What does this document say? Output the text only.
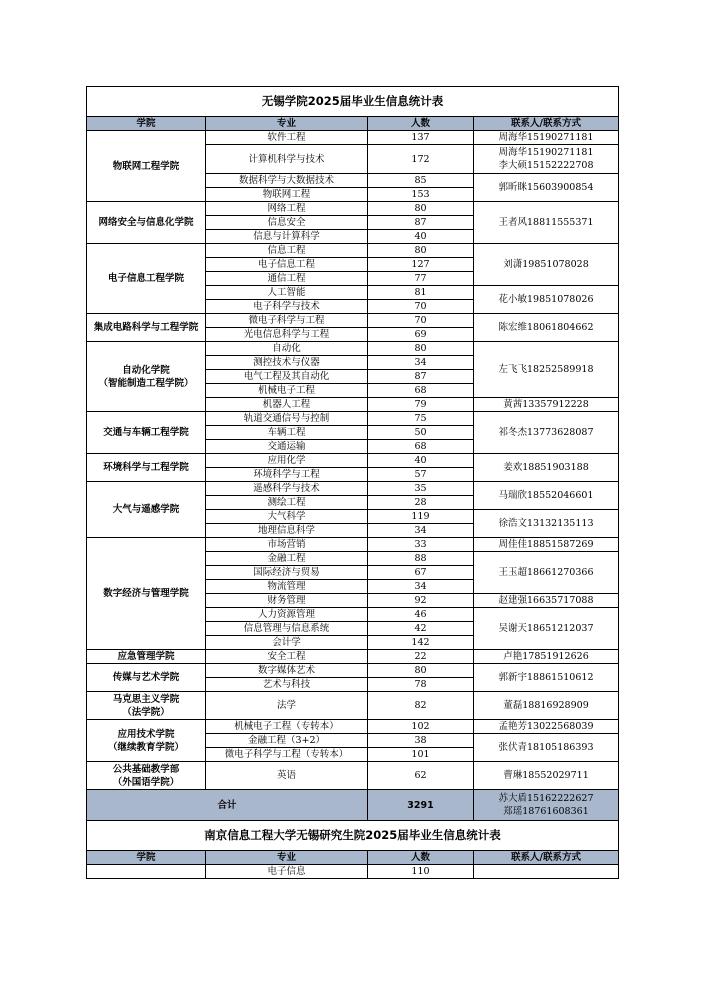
无锡学院2025届毕业生信息统计表			
学院	专业	人数	联系人/联系方式
物联网工程学院	软件工程	137	周海华15190271181
	计算机科学与技术	172	周海华15190271181
李大硕15152222708
	数据科学与大数据技术	85	郭昕眯15603900854
	物联网工程	153	
网络安全与信息化学院	网络工程	80	王者风18811555371
	信息安全	87	
	信息与计算科学	40	
电子信息工程学院	信息工程	80	刘潇19851078028
	电子信息工程	127	
	通信工程	77	
	人工智能	81	花小敏19851078026
	电子科学与技术	70	
集成电路科学与工程学院	微电子科学与工程	70	陈宏维18061804662
	光电信息科学与工程	69	
自动化学院
（智能制造工程学院）	自动化	80	左飞飞18252589918
	测控技术与仪器	34	
	电气工程及其自动化	87	
	机械电子工程	68	
	机器人工程	79	黄茜13357912228
交通与车辆工程学院	轨道交通信号与控制	75	祁冬杰13773628087
	车辆工程	50	
	交通运输	68	
环境科学与工程学院	应用化学	40	姜欢18851903188
	环境科学与工程	57	
大气与遥感学院	遥感科学与技术	35	马瑞欣18552046601
	测绘工程	28	
	大气科学	119	徐浩文13132135113
	地理信息科学	34	
数字经济与管理学院	市场营销	33	周佳佳18851587269
	金融工程	88	王玉超18661270366
	国际经济与贸易	67	
	物流管理	34	
	财务管理	92	赵建强16635717088
	人力资源管理	46	吴谢天18651212037
	信息管理与信息系统	42	
	会计学	142	
应急管理学院	安全工程	22	卢艳17851912626
传媒与艺术学院	数字媒体艺术	80	郭新宇18861510612
	艺术与科技	78	
马克思主义学院
（法学院）	法学	82	董磊18816928909
应用技术学院
（继续教育学院）	机械电子工程（专转本）	102	孟艳芳13022568039
	金融工程（3+2）	38	张伏青18105186393
	微电子科学与工程（专转本）	101	
公共基础教学部
（外国语学院）	英语	62	曹琳18552029711
合计		3291	苏大盾15162222627
郑瑶18761608361
南京信息工程大学无锡研究生院2025届毕业生信息统计表			
学院	专业	人数	联系人/联系方式
	电子信息	110	
